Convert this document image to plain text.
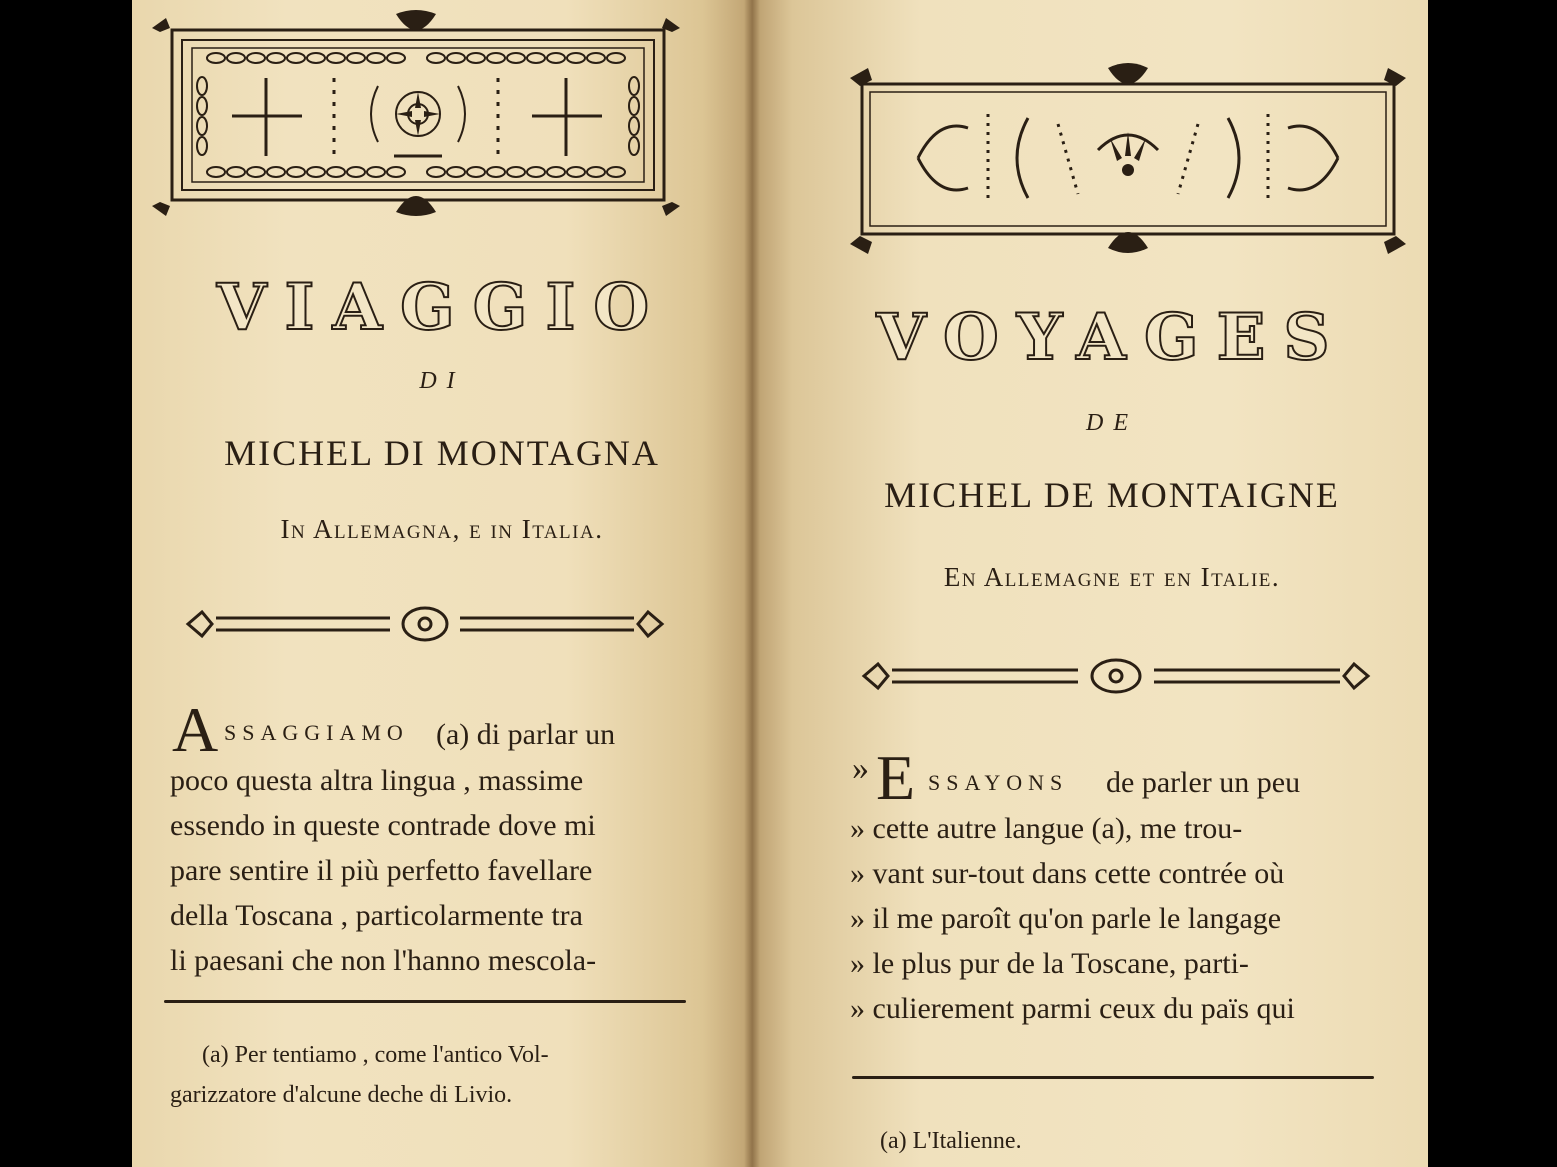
VIAGGIO
DI
MICHEL DI MONTAGNA
In Allemagna, e in Italia.
A SSAGGIAMO (a) di parlar un
poco questa altra lingua , massime
essendo in queste contrade dove mi
pare sentire il più perfetto favellare
della Toscana , particolarmente tra
li paesani che non l'hanno mescola-
(a) Per tentiamo , come l'antico Vol-
garizzatore d'alcune deche di Livio.
VOYAGES
DE
MICHEL DE MONTAIGNE
En Allemagne et en Italie.
» E SSAYONS de parler un peu
» cette autre langue (a), me trou-
» vant sur-tout dans cette contrée où
» il me paroît qu'on parle le langage
» le plus pur de la Toscane, parti-
» culierement parmi ceux du païs qui
(a) L'Italienne.
